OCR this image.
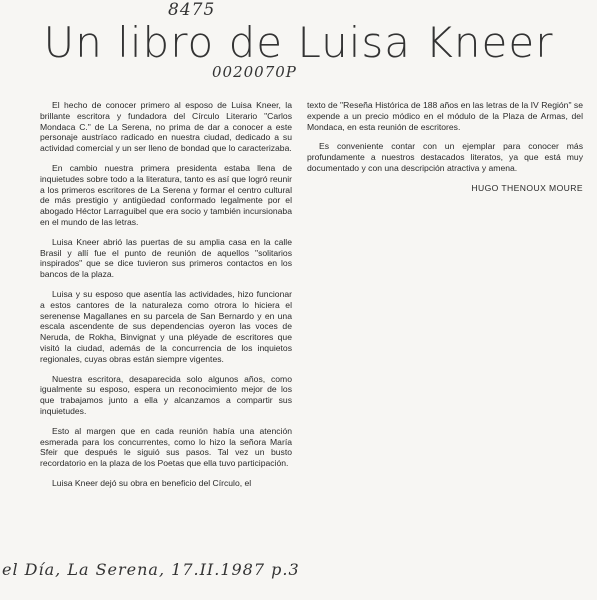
8475
Un libro de Luisa Kneer
0020070P

El hecho de conocer primero al esposo de Luisa Kneer, la brillante escritora y fundadora del Círculo Literario "Carlos Mondaca C." de La Serena, no prima de dar a conocer a este personaje austríaco radicado en nuestra ciudad, dedicado a su actividad comercial y un ser lleno de bondad que lo caracterizaba.

En cambio nuestra primera presidenta estaba llena de inquietudes sobre todo a la literatura, tanto es así que logró reunir a los primeros escritores de La Serena y formar el centro cultural de más prestigio y antigüedad conformado legalmente por el abogado Héctor Larraguibel que era socio y también incursionaba en el mundo de las letras.

Luisa Kneer abrió las puertas de su amplia casa en la calle Brasil y allí fue el punto de reunión de aquellos "solitarios inspirados" que se dice tuvieron sus primeros contactos en los bancos de la plaza.

Luisa y su esposo que asentía las actividades, hizo funcionar a estos cantores de la naturaleza como otrora lo hiciera el serenense Magallanes en su parcela de San Bernardo y en una escala ascendente de sus dependencias oyeron las voces de Neruda, de Rokha, Binvignat y una pléyade de escritores que visitó la ciudad, además de la concurrencia de los inquietos regionales, cuyas obras están siempre vigentes.

Nuestra escritora, desaparecida solo algunos años, como igualmente su esposo, espera un reconocimiento mejor de los que trabajamos junto a ella y alcanzamos a compartir sus inquietudes.

Esto al margen que en cada reunión había una atención esmerada para los concurrentes, como lo hizo la señora María Sfeir que después le siguió sus pasos. Tal vez un busto recordatorio en la plaza de los Poetas que ella tuvo participación.

Luisa Kneer dejó su obra en beneficio del Círculo, el

texto de "Reseña Histórica de 188 años en las letras de la IV Región" se expende a un precio módico en el módulo de la Plaza de Armas, del Mondaca, en esta reunión de escritores.

Es conveniente contar con un ejemplar para conocer más profundamente a nuestros destacados literatos, ya que está muy documentado y con una descripción atractiva y amena.

HUGO THENOUX MOURE

el Día, La Serena, 17.II.1987 p.3
